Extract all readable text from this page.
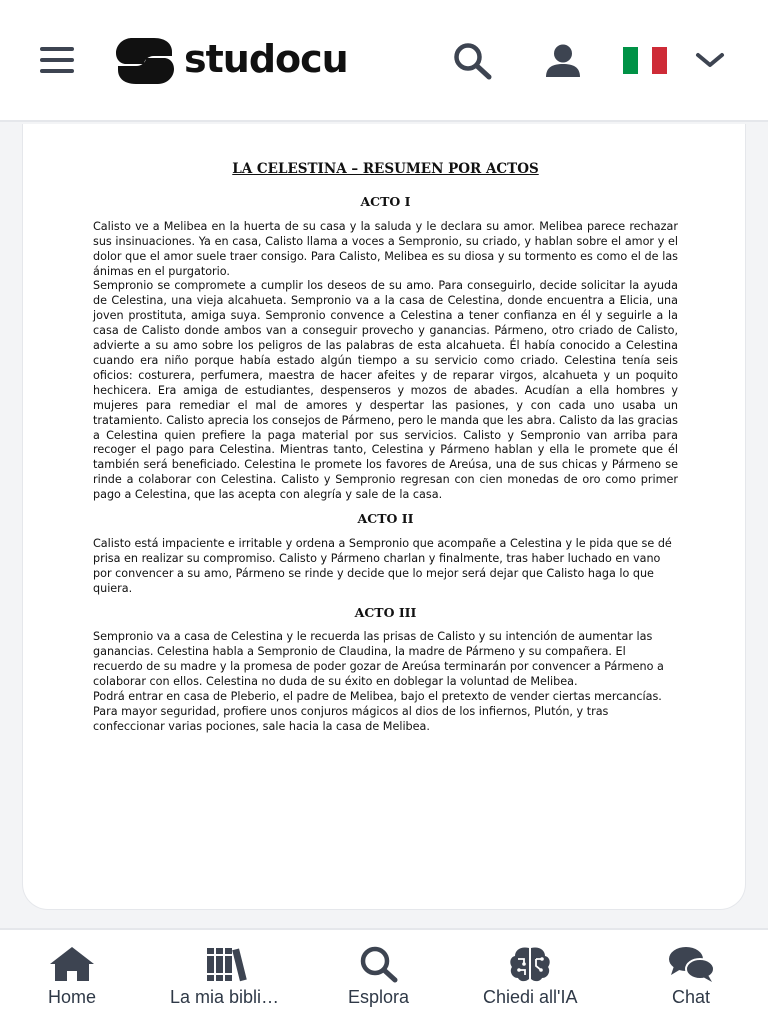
studocu
LA CELESTINA – RESUMEN POR ACTOS
ACTO I

Calisto ve a Melibea en la huerta de su casa y la saluda y le declara su amor. Melibea parece rechazar sus insinuaciones. Ya en casa, Calisto llama a voces a Sempronio, su criado, y hablan sobre el amor y el dolor que el amor suele traer consigo. Para Calisto, Melibea es su diosa y su tormento es como el de las ánimas en el purgatorio.

Sempronio se compromete a cumplir los deseos de su amo. Para conseguirlo, decide solicitar la ayuda de Celestina, una vieja alcahueta. Sempronio va a la casa de Celestina, donde encuentra a Elicia, una joven prostituta, amiga suya. Sempronio convence a Celestina a tener confianza en él y seguirle a la casa de Calisto donde ambos van a conseguir provecho y ganancias. Pármeno, otro criado de Calisto, advierte a su amo sobre los peligros de las palabras de esta alcahueta. Él había conocido a Celestina cuando era niño porque había estado algún tiempo a su servicio como criado. Celestina tenía seis oficios: costurera, perfumera, maestra de hacer afeites y de reparar virgos, alcahueta y un poquito hechicera. Era amiga de estudiantes, despenseros y mozos de abades. Acudían a ella hombres y mujeres para remediar el mal de amores y despertar las pasiones, y con cada uno usaba un tratamiento. Calisto aprecia los consejos de Pármeno, pero le manda que les abra. Calisto da las gracias a Celestina quien prefiere la paga material por sus servicios. Calisto y Sempronio van arriba para recoger el pago para Celestina. Mientras tanto, Celestina y Pármeno hablan y ella le promete que él también será beneficiado. Celestina le promete los favores de Areúsa, una de sus chicas y Pármeno se rinde a colaborar con Celestina. Calisto y Sempronio regresan con cien monedas de oro como primer pago a Celestina, que las acepta con alegría y sale de la casa.

ACTO II

Calisto está impaciente e irritable y ordena a Sempronio que acompañe a Celestina y le pida que se dé prisa en realizar su compromiso. Calisto y Pármeno charlan y finalmente, tras haber luchado en vano por convencer a su amo, Pármeno se rinde y decide que lo mejor será dejar que Calisto haga lo que quiera.

ACTO III

Sempronio va a casa de Celestina y le recuerda las prisas de Calisto y su intención de aumentar las ganancias. Celestina habla a Sempronio de Claudina, la madre de Pármeno y su compañera. El recuerdo de su madre y la promesa de poder gozar de Areúsa terminarán por convencer a Pármeno a colaborar con ellos. Celestina no duda de su éxito en doblegar la voluntad de Melibea.

Podrá entrar en casa de Pleberio, el padre de Melibea, bajo el pretexto de vender ciertas mercancías. Para mayor seguridad, profiere unos conjuros mágicos al dios de los infiernos, Plutón, y tras confeccionar varias pociones, sale hacia la casa de Melibea.

Home	La mia bibli…	Esplora	Chiedi all'IA	Chat
